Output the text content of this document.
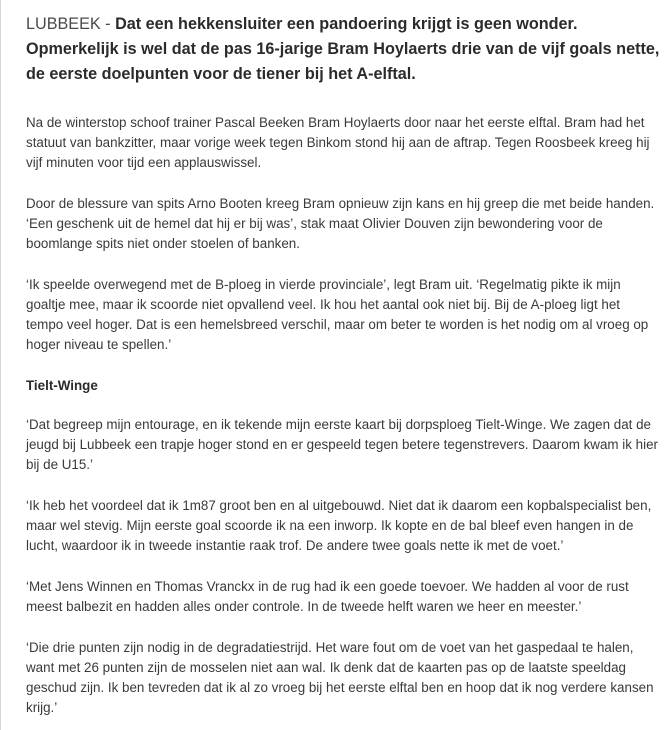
LUBBEEK - Dat een hekkensluiter een pandoering krijgt is geen wonder. Opmerkelijk is wel dat de pas 16-jarige Bram Hoylaerts drie van de vijf goals nette, de eerste doelpunten voor de tiener bij het A-elftal.

Na de winterstop schoof trainer Pascal Beeken Bram Hoylaerts door naar het eerste elftal. Bram had het statuut van bankzitter, maar vorige week tegen Binkom stond hij aan de aftrap. Tegen Roosbeek kreeg hij vijf minuten voor tijd een applauswissel.

Door de blessure van spits Arno Booten kreeg Bram opnieuw zijn kans en hij greep die met beide handen. ‘Een geschenk uit de hemel dat hij er bij was’, stak maat Olivier Douven zijn bewondering voor de boomlange spits niet onder stoelen of banken.

‘Ik speelde overwegend met de B-ploeg in vierde provinciale’, legt Bram uit. ‘Regelmatig pikte ik mijn goaltje mee, maar ik scoorde niet opvallend veel. Ik hou het aantal ook niet bij. Bij de A-ploeg ligt het tempo veel hoger. Dat is een hemelsbreed verschil, maar om beter te worden is het nodig om al vroeg op hoger niveau te spellen.’

Tielt-Winge

‘Dat begreep mijn entourage, en ik tekende mijn eerste kaart bij dorpsploeg Tielt-Winge. We zagen dat de jeugd bij Lubbeek een trapje hoger stond en er gespeeld tegen betere tegenstrevers. Daarom kwam ik hier bij de U15.’

‘Ik heb het voordeel dat ik 1m87 groot ben en al uitgebouwd. Niet dat ik daarom een kopbalspecialist ben, maar wel stevig. Mijn eerste goal scoorde ik na een inworp. Ik kopte en de bal bleef even hangen in de lucht, waardoor ik in tweede instantie raak trof. De andere twee goals nette ik met de voet.’

‘Met Jens Winnen en Thomas Vranckx in de rug had ik een goede toevoer. We hadden al voor de rust meest balbezit en hadden alles onder controle. In de tweede helft waren we heer en meester.’

‘Die drie punten zijn nodig in de degradatiestrijd. Het ware fout om de voet van het gaspedaal te halen, want met 26 punten zijn de mosselen niet aan wal. Ik denk dat de kaarten pas op de laatste speeldag geschud zijn. Ik ben tevreden dat ik al zo vroeg bij het eerste elftal ben en hoop dat ik nog verdere kansen krijg.’
